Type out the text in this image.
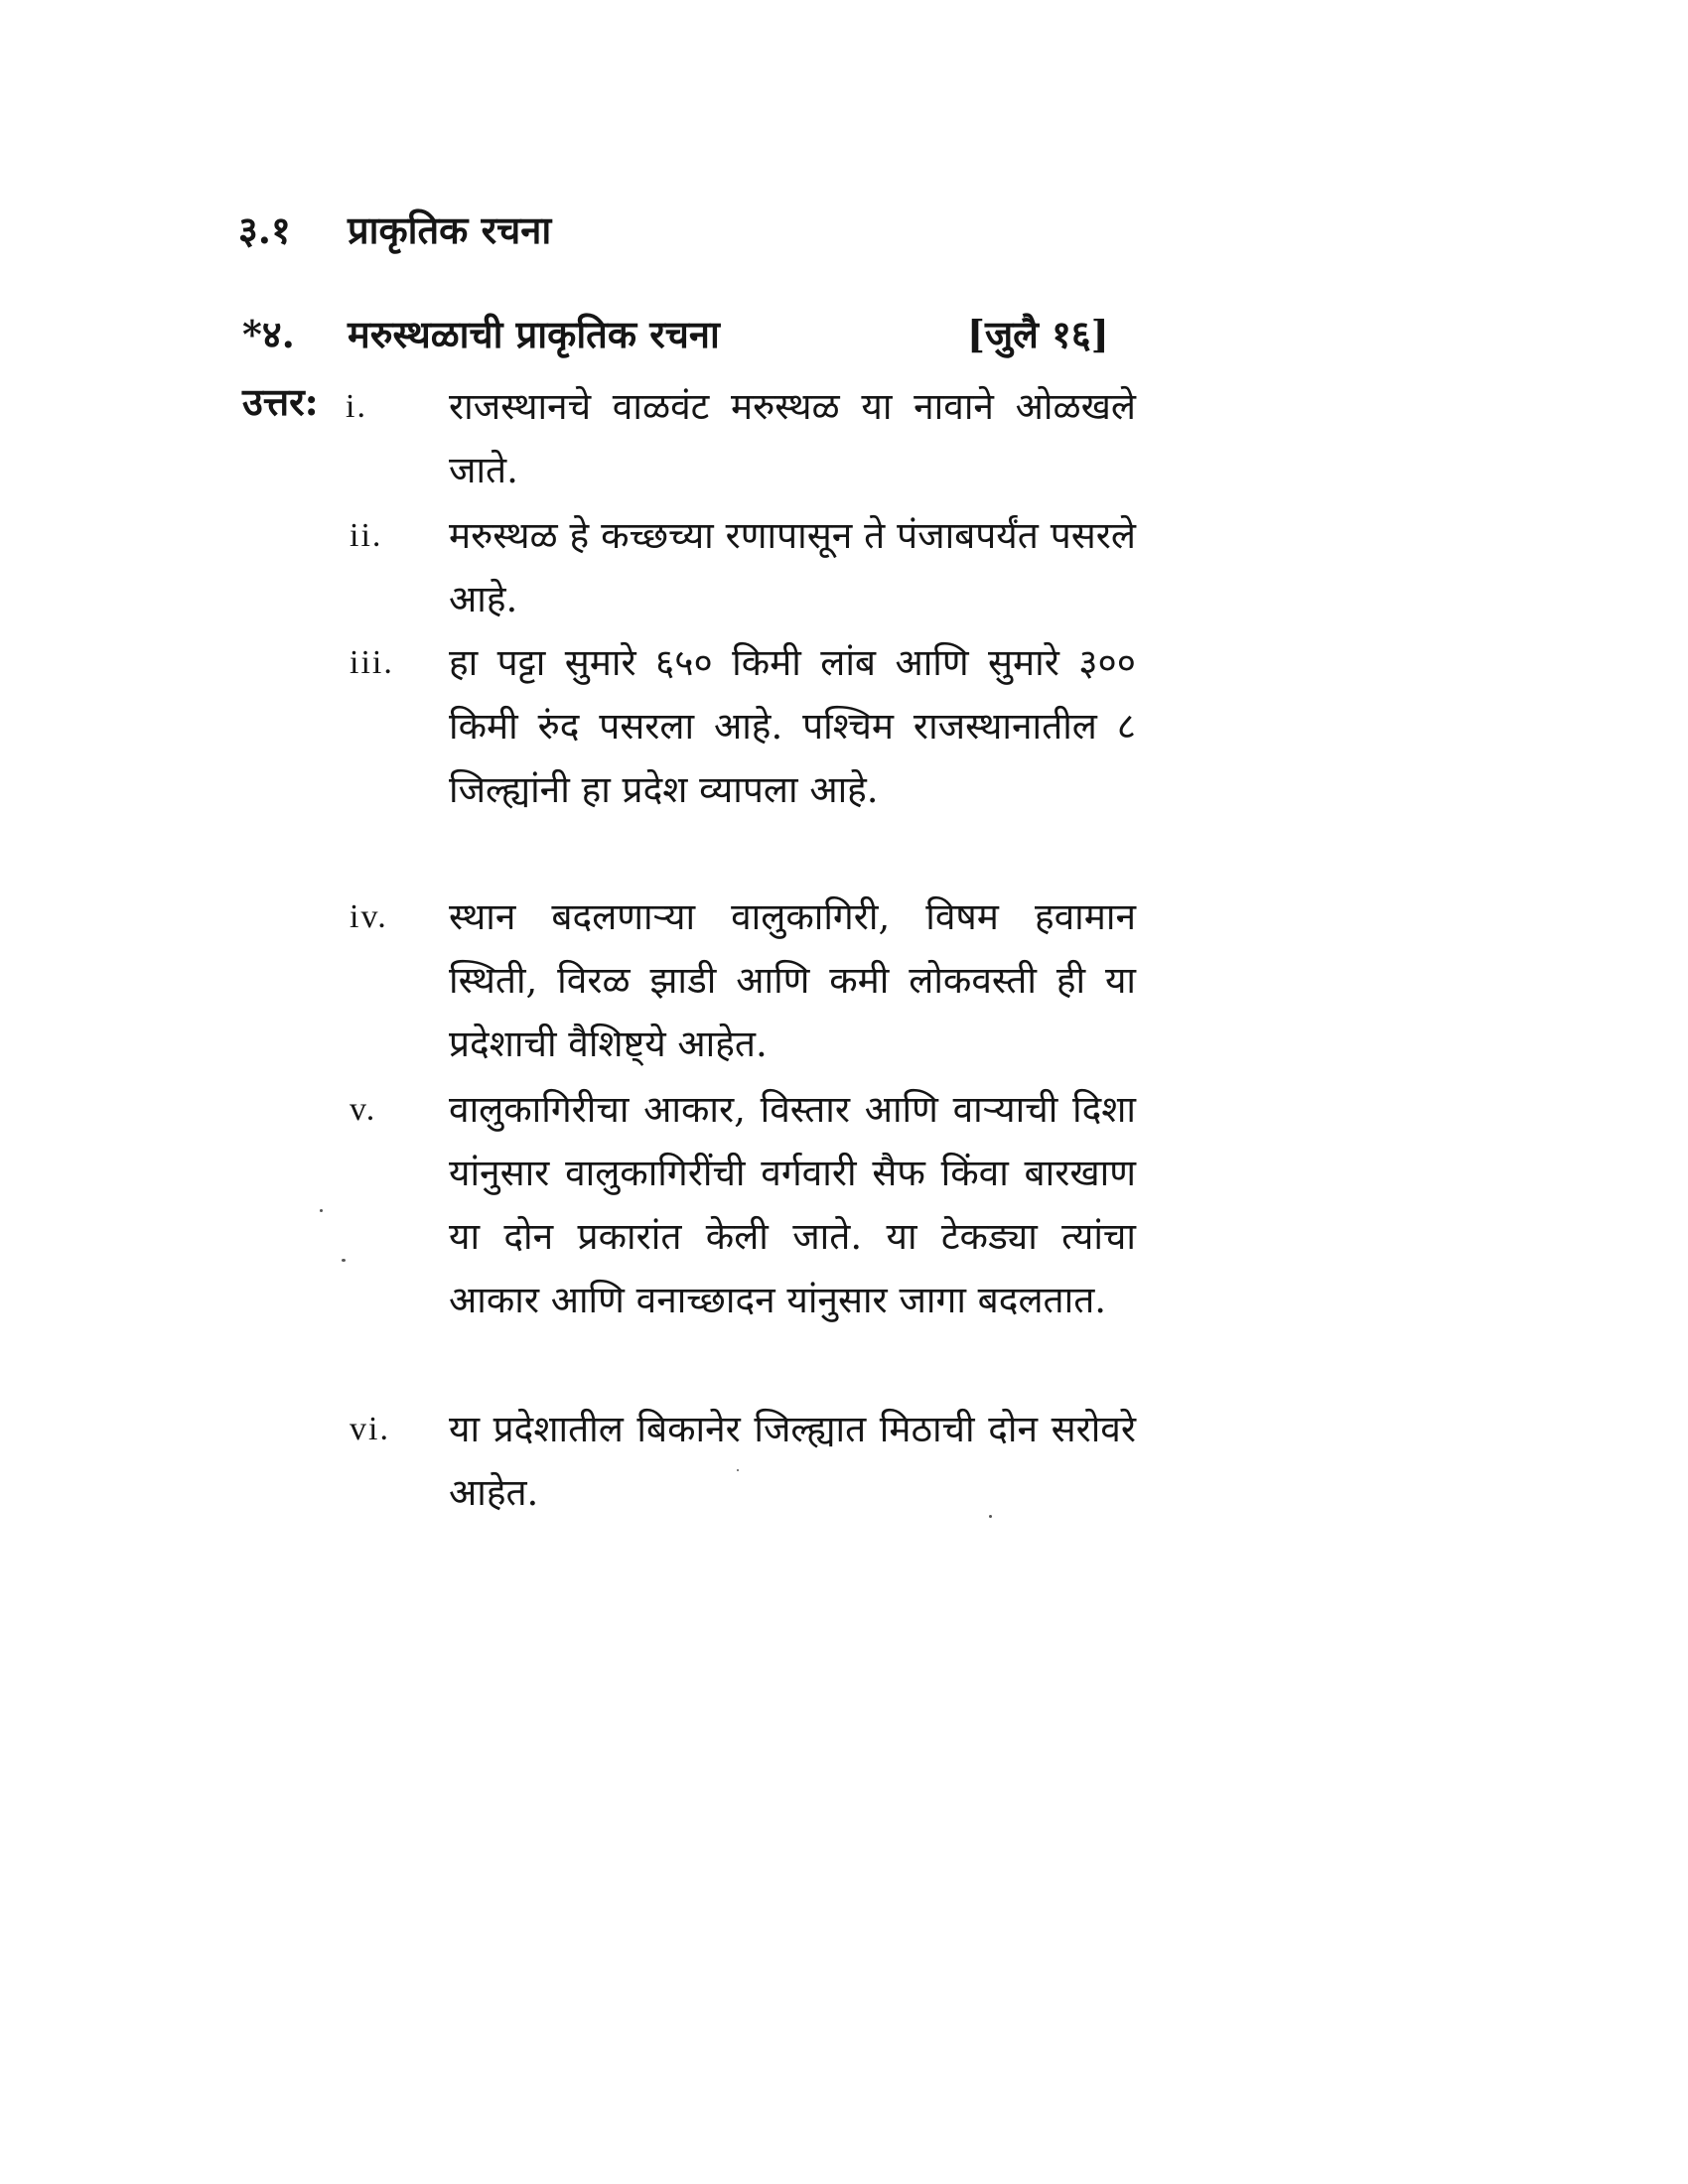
३.१ प्राकृतिक रचना
*४. मरुस्थळाची प्राकृतिक रचना	[जुलै १६]
उत्तर: i. राजस्थानचे वाळवंट मरुस्थळ या नावाने ओळखले जाते.
ii. मरुस्थळ हे कच्छच्या रणापासून ते पंजाबपर्यंत पसरले आहे.
iii. हा पट्टा सुमारे ६५० किमी लांब आणि सुमारे ३०० किमी रुंद पसरला आहे. पश्चिम राजस्थानातील ८ जिल्ह्यांनी हा प्रदेश व्यापला आहे.
iv. स्थान बदलणाऱ्या वालुकागिरी, विषम हवामान स्थिती, विरळ झाडी आणि कमी लोकवस्ती ही या प्रदेशाची वैशिष्ट्ये आहेत.
v. वालुकागिरीचा आकार, विस्तार आणि वाऱ्याची दिशा यांनुसार वालुकागिरींची वर्गवारी सैफ किंवा बारखाण या दोन प्रकारांत केली जाते. या टेकड्या त्यांचा आकार आणि वनाच्छादन यांनुसार जागा बदलतात.
vi. या प्रदेशातील बिकानेर जिल्ह्यात मिठाची दोन सरोवरे आहेत.
